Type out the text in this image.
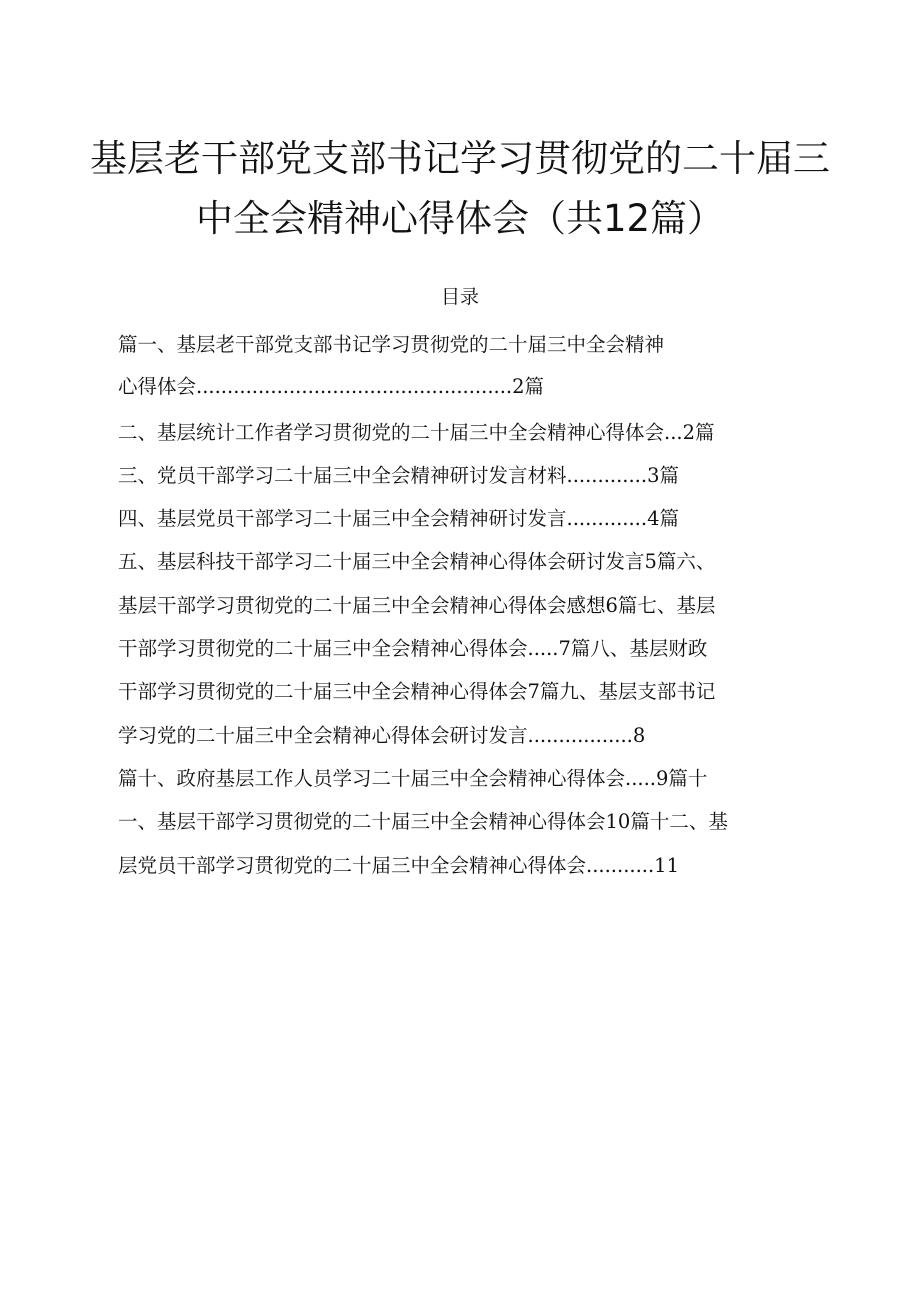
基层老干部党支部书记学习贯彻党的二十届三
中全会精神心得体会（共12篇）
目录
篇一、基层老干部党支部书记学习贯彻党的二十届三中全会精神
心得体会...................................................2篇
二、基层统计工作者学习贯彻党的二十届三中全会精神心得体会...2篇
三、党员干部学习二十届三中全会精神研讨发言材料.............3篇
四、基层党员干部学习二十届三中全会精神研讨发言.............4篇
五、基层科技干部学习二十届三中全会精神心得体会研讨发言5篇六、
基层干部学习贯彻党的二十届三中全会精神心得体会感想6篇七、基层
干部学习贯彻党的二十届三中全会精神心得体会.....7篇八、基层财政
干部学习贯彻党的二十届三中全会精神心得体会7篇九、基层支部书记
学习党的二十届三中全会精神心得体会研讨发言.................8
篇十、政府基层工作人员学习二十届三中全会精神心得体会.....9篇十
一、基层干部学习贯彻党的二十届三中全会精神心得体会10篇十二、基
层党员干部学习贯彻党的二十届三中全会精神心得体会...........11
